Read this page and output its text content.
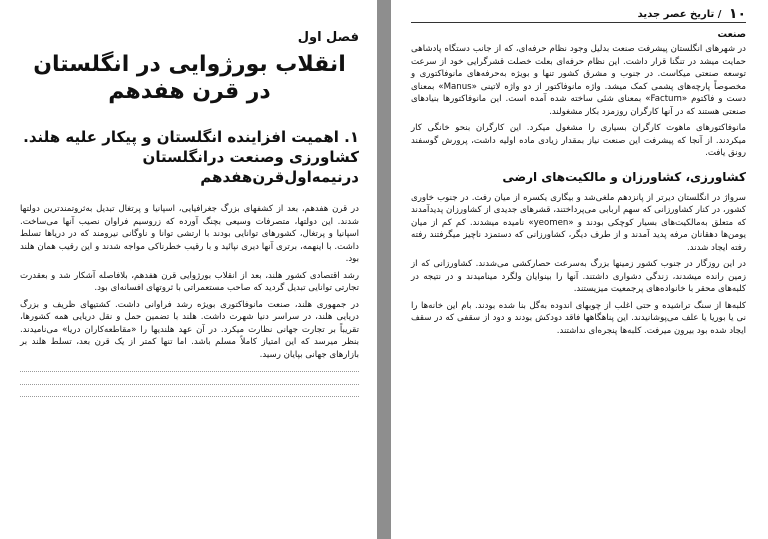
فصل اول
انقلاب بورژوایی در انگلستان در قرن هفدهم
۱. اهمیت افزاینده انگلستان و پیکار علیه هلند. کشاورزی وصنعت درانگلستان درنیمه‌اول‌قرن‌هفدهم

در قرن هفدهم، بعد از کشفهای بزرگ جغرافیایی، اسپانیا و پرتغال تبدیل به‌ثروتمندترین دولتها شدند. این دولتها، متصرفات وسیعی بچنگ آورده که زروسیم فراوان نصیب آنها می‌ساخت. اسپانیا و پرتغال، کشورهای توانایی بودند با ارتشی توانا و ناوگانی نیرومند که در دریاها تسلط داشت. با اینهمه، برتری آنها دیری نپائید و با رقیب خطرناکی مواجه شدند و این رقیب همان هلند بود.

رشد اقتصادی کشور هلند، بعد از انقلاب بورژوایی قرن هفدهم، بلافاصله آشکار شد و بعقدرت تجارتی توانایی تبدیل گردید که صاحب مستعمراتی با ثروتهای افسانه‌ای بود.

در جمهوری هلند، صنعت مانوفاکتوری بویژه رشد فراوانی داشت. کشتیهای ظریف و بزرگ دریایی هلند، در سراسر دنیا شهرت داشت. هلند با تضمین حمل و نقل دریایی همه کشورها، تقریباً بر تجارت جهانی نظارت میکرد. در آن عهد هلندیها را «مقاطعه‌کاران دریا» می‌نامیدند. بنظر میرسد که این امتیاز کاملاً مسلم باشد. اما تنها کمتر از یک قرن بعد، تسلط هلند بر بازارهای جهانی بپایان رسید.

۱۰
/
تاریخ عصر جدید
صنعت

در شهرهای انگلستان پیشرفت صنعت بدلیل وجود نظام حرفه‌ای، که از جانب دستگاه پادشاهی حمایت میشد در تنگنا قرار داشت. این نظام حرفه‌ای بعلت خصلت قشرگرایی خود از سرعت توسعه صنعتی میکاست. در جنوب و مشرق کشور تنها و بویژه به‌حرفه‌های مانوفاکتوری و مخصوصاً پارچه‌های پشمی کمک میشد. واژه مانوفاکتور از دو واژه لاتینی «Manus» بمعنای دست و فاکتوم «Factum» بمعنای شئی ساخته شده آمده است. این مانوفاکتورها بنیادهای صنعتی هستند که در آنها کارگران روزمزد بکار مشغولند.

مانوفاکتورهای ماهوت کارگران بسیاری را مشغول میکرد. این کارگران بنحو خانگی کار میکردند. از آنجا که پیشرفت این صنعت نیاز بمقدار زیادی ماده اولیه داشت، پرورش گوسفند رونق یافت.

کشاورزی، کشاورزان و مالکیت‌های ارضی

سرواژ در انگلستان دیرتر از پانزدهم ملغی‌شد و بیگاری یکسره از میان رفت. در جنوب خاوری کشور، در کنار کشاورزانی که سهم اربابی می‌پرداختند، قشرهای جدیدی از کشاورزان پدیدآمدند که متعلق به‌مالکیت‌های بسیار کوچکی بودند و «yeomen» نامیده میشدند. کم کم از میان یومن‌ها دهقانان مرفه پدید آمدند و از طرف دیگر، کشاورزانی که دستمزد ناچیز میگرفتند رفته رفته ایجاد شدند.

در این روزگار در جنوب کشور زمینها بزرگ به‌سرعت حصارکشی می‌شدند. کشاورزانی که از زمین رانده میشدند، زندگی دشواری داشتند. آنها را بینوایان ولگرد مینامیدند و در نتیجه در کلبه‌های محقر با خانواده‌های پرجمعیت میزیستند.

کلبه‌ها از سنگ تراشیده و حتی اغلب از چوبهای اندوده به‌گل بنا شده بودند. بام این خانه‌ها را نی یا بوریا یا علف می‌پوشانیدند. این پناهگاهها فاقد دودکش بودند و دود از سقفی که در سقف ایجاد شده بود بیرون میرفت. کلبه‌ها پنجره‌ای نداشتند.
